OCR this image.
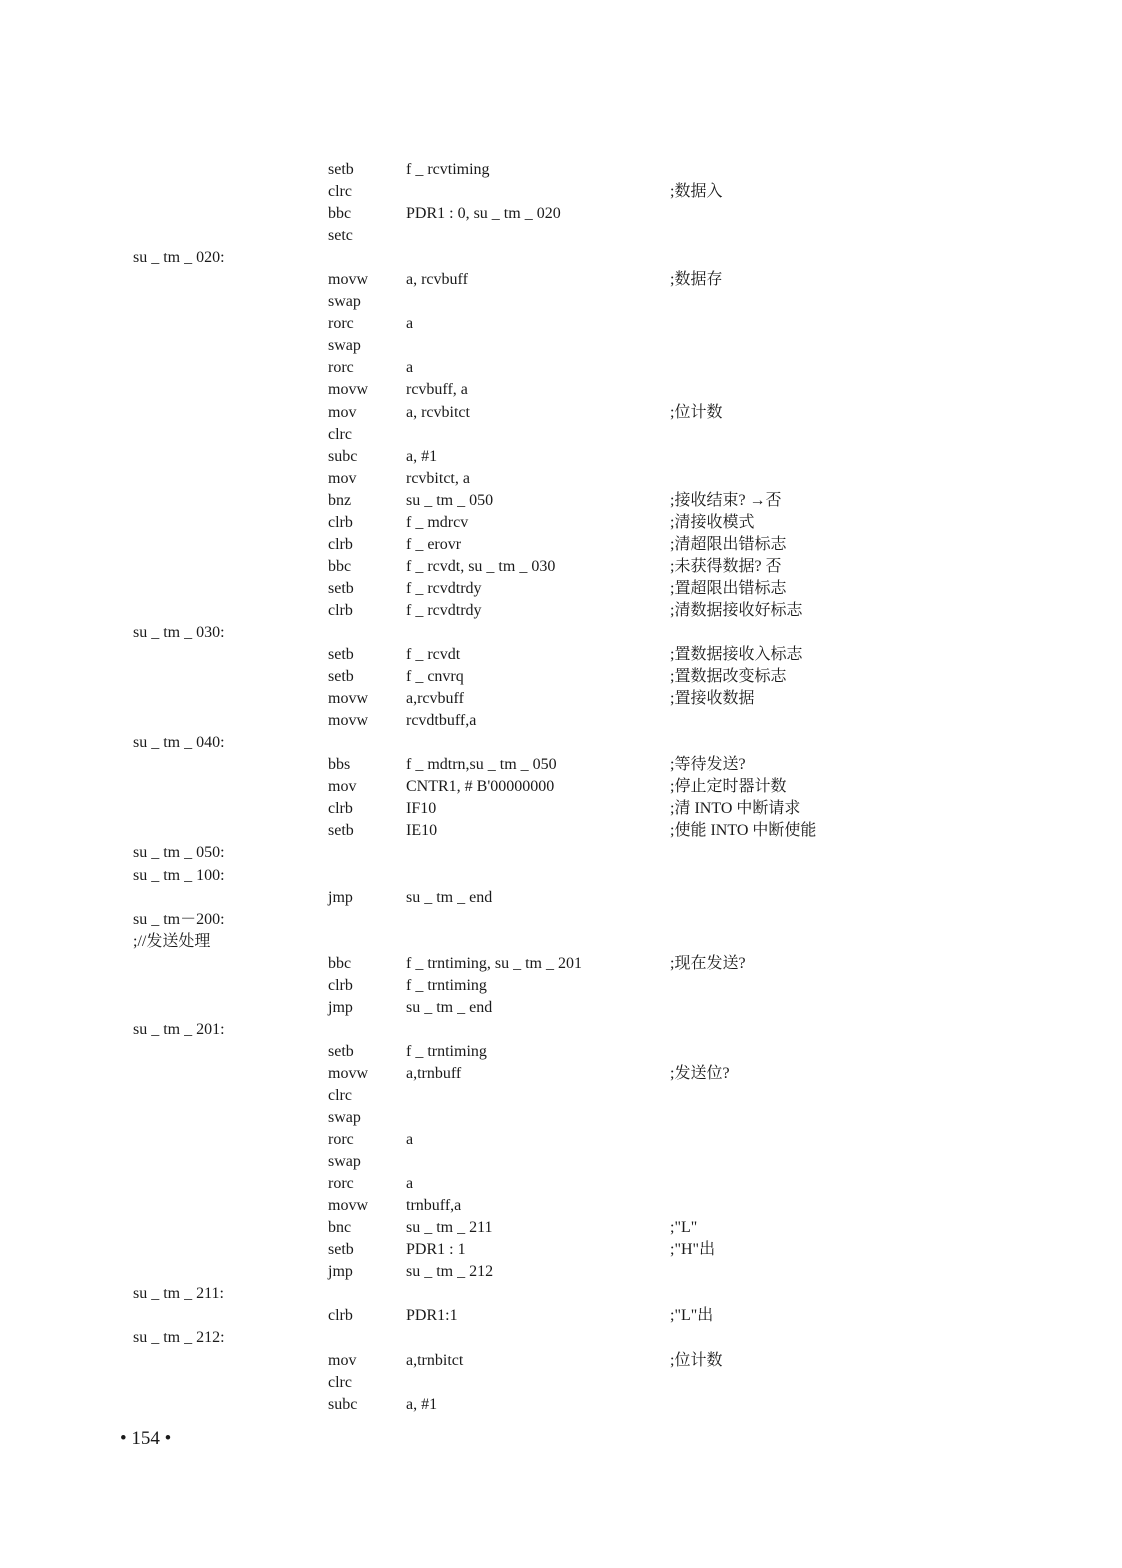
setb	f _ rcvtiming
clrc	;数据入
bbc	PDR1 : 0, su _ tm _ 020
setc
su _ tm _ 020:
movw a, rcvbuff	;数据存
swap
rorc	a
swap
rorc	a
movw rcvbuff, a
mov	a, rcvbitct	;位计数
clrc
subc	a, #1
mov	rcvbitct, a
bnz	su _ tm _ 050	;接收结束? →否
clrb	f _ mdrcv	;清接收模式
clrb	f _ erovr	;清超限出错标志
bbc	f _ rcvdt, su _ tm _ 030	;未获得数据? 否
setb	f _ rcvdtrdy	;置超限出错标志
clrb	f _ rcvdtrdy	;清数据接收好标志
su _ tm _ 030:
setb	f _ rcvdt	;置数据接收入标志
setb	f _ cnvrq	;置数据改变标志
movw a,rcvbuff	;置接收数据
movw rcvdtbuff,a
su _ tm _ 040:
bbs	f _ mdtrn,su _ tm _ 050	;等待发送?
mov	CNTR1, # B'00000000	;停止定时器计数
clrb	IF10	;清 INTO 中断请求
setb	IE10	;使能 INTO 中断使能
su _ tm _ 050:
su _ tm _ 100:
jmp	su _ tm _ end
su _ tm－200:
;//发送处理
bbc	f _ trntiming, su _ tm _ 201	;现在发送?
clrb	f _ trntiming
jmp	su _ tm _ end
su _ tm _ 201:
setb	f _ trntiming
movw a,trnbuff	;发送位?
clrc
swap
rorc	a
swap
rorc	a
movw trnbuff,a
bnc	su _ tm _ 211	;"L"
setb	PDR1 : 1	;"H"出
jmp	su _ tm _ 212
su _ tm _ 211:
clrb	PDR1:1	;"L"出
su _ tm _ 212:
mov	a,trnbitct	;位计数
clrc
subc	a, #1
• 154 •
